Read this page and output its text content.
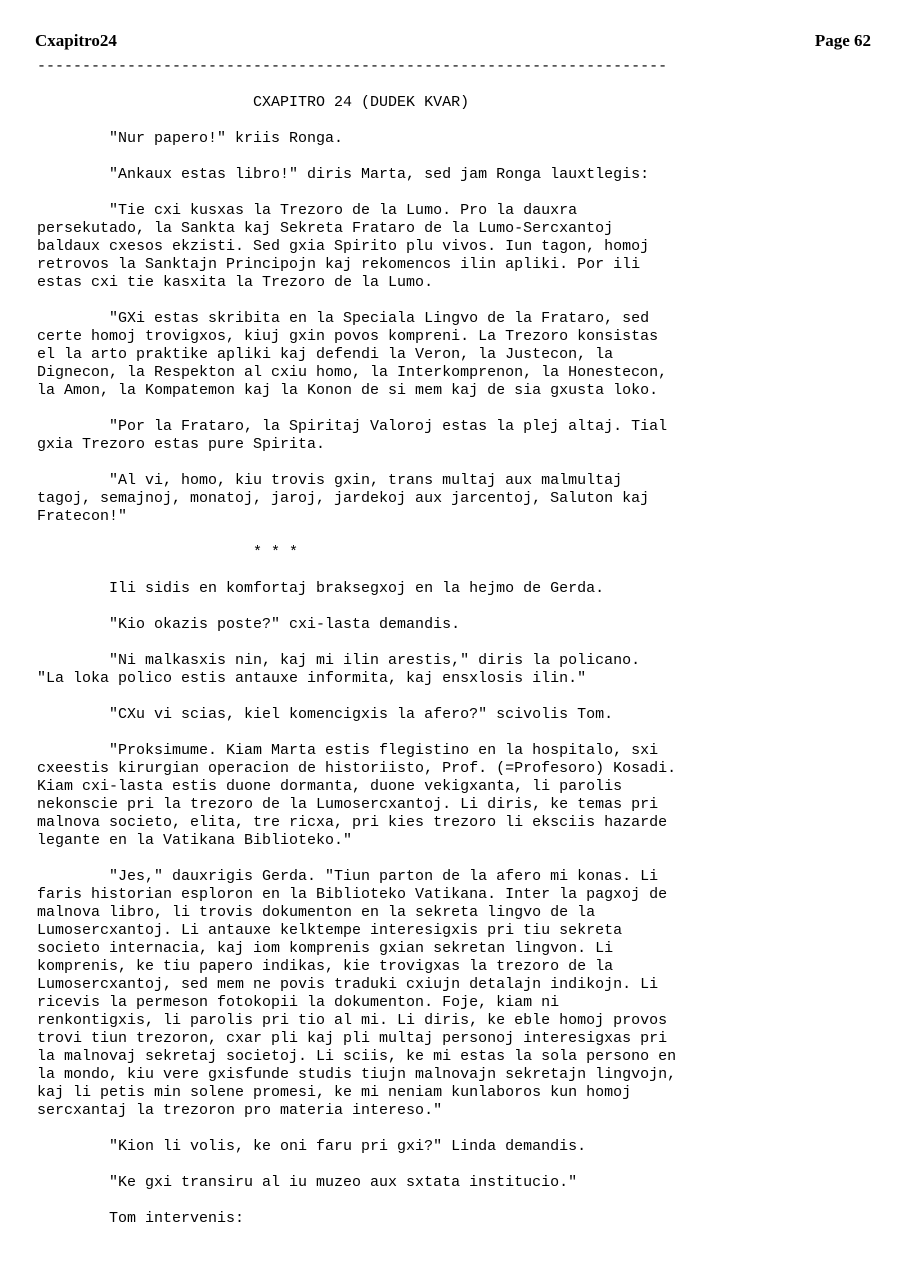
Cxapitro24	Page 62
----------------------------------------------------------------------

CXAPITRO 24 (DUDEK KVAR)

"Nur papero!" kriis Ronga.

"Ankaux estas libro!" diris Marta, sed jam Ronga lauxtlegis:

"Tie cxi kusxas la Trezoro de la Lumo. Pro la dauxra
persekutado, la Sankta kaj Sekreta Frataro de la Lumo-Sercxantoj
baldaux cxesos ekzisti. Sed gxia Spirito plu vivos. Iun tagon, homoj
retrovos la Sanktajn Principojn kaj rekomencos ilin apliki. Por ili
estas cxi tie kasxita la Trezoro de la Lumo.

"GXi estas skribita en la Speciala Lingvo de la Frataro, sed
certe homoj trovigxos, kiuj gxin povos kompreni. La Trezoro konsistas
el la arto praktike apliki kaj defendi la Veron, la Justecon, la
Dignecon, la Respekton al cxiu homo, la Interkomprenon, la Honestecon,
la Amon, la Kompatemon kaj la Konon de si mem kaj de sia gxusta loko.

"Por la Frataro, la Spiritaj Valoroj estas la plej altaj. Tial
gxia Trezoro estas pure Spirita.

"Al vi, homo, kiu trovis gxin, trans multaj aux malmultaj
tagoj, semajnoj, monatoj, jaroj, jardekoj aux jarcentoj, Saluton kaj
Fratecon!"

* * *

Ili sidis en komfortaj braksegxoj en la hejmo de Gerda.

"Kio okazis poste?" cxi-lasta demandis.

"Ni malkasxis nin, kaj mi ilin arestis," diris la policano.
"La loka polico estis antauxe informita, kaj ensxlosis ilin."

"CXu vi scias, kiel komencigxis la afero?" scivolis Tom.

"Proksimume. Kiam Marta estis flegistino en la hospitalo, sxi
cxeestis kirurgian operacion de historiisto, Prof. (=Profesoro) Kosadi.
Kiam cxi-lasta estis duone dormanta, duone vekigxanta, li parolis
nekonscie pri la trezoro de la Lumosercxantoj. Li diris, ke temas pri
malnova societo, elita, tre ricxa, pri kies trezoro li eksciis hazarde
legante en la Vatikana Biblioteko."

"Jes," dauxrigis Gerda. "Tiun parton de la afero mi konas. Li
faris historian esploron en la Biblioteko Vatikana. Inter la pagxoj de
malnova libro, li trovis dokumenton en la sekreta lingvo de la
Lumosercxantoj. Li antauxe kelktempe interesigxis pri tiu sekreta
societo internacia, kaj iom komprenis gxian sekretan lingvon. Li
komprenis, ke tiu papero indikas, kie trovigxas la trezoro de la
Lumosercxantoj, sed mem ne povis traduki cxiujn detalajn indikojn. Li
ricevis la permeson fotokopii la dokumenton. Foje, kiam ni
renkontigxis, li parolis pri tio al mi. Li diris, ke eble homoj provos
trovi tiun trezoron, cxar pli kaj pli multaj personoj interesigxas pri
la malnovaj sekretaj societoj. Li sciis, ke mi estas la sola persono en
la mondo, kiu vere gxisfunde studis tiujn malnovajn sekretajn lingvojn,
kaj li petis min solene promesi, ke mi neniam kunlaboros kun homoj
sercxantaj la trezoron pro materia intereso."

"Kion li volis, ke oni faru pri gxi?" Linda demandis.

"Ke gxi transiru al iu muzeo aux sxtata institucio."

Tom intervenis:
